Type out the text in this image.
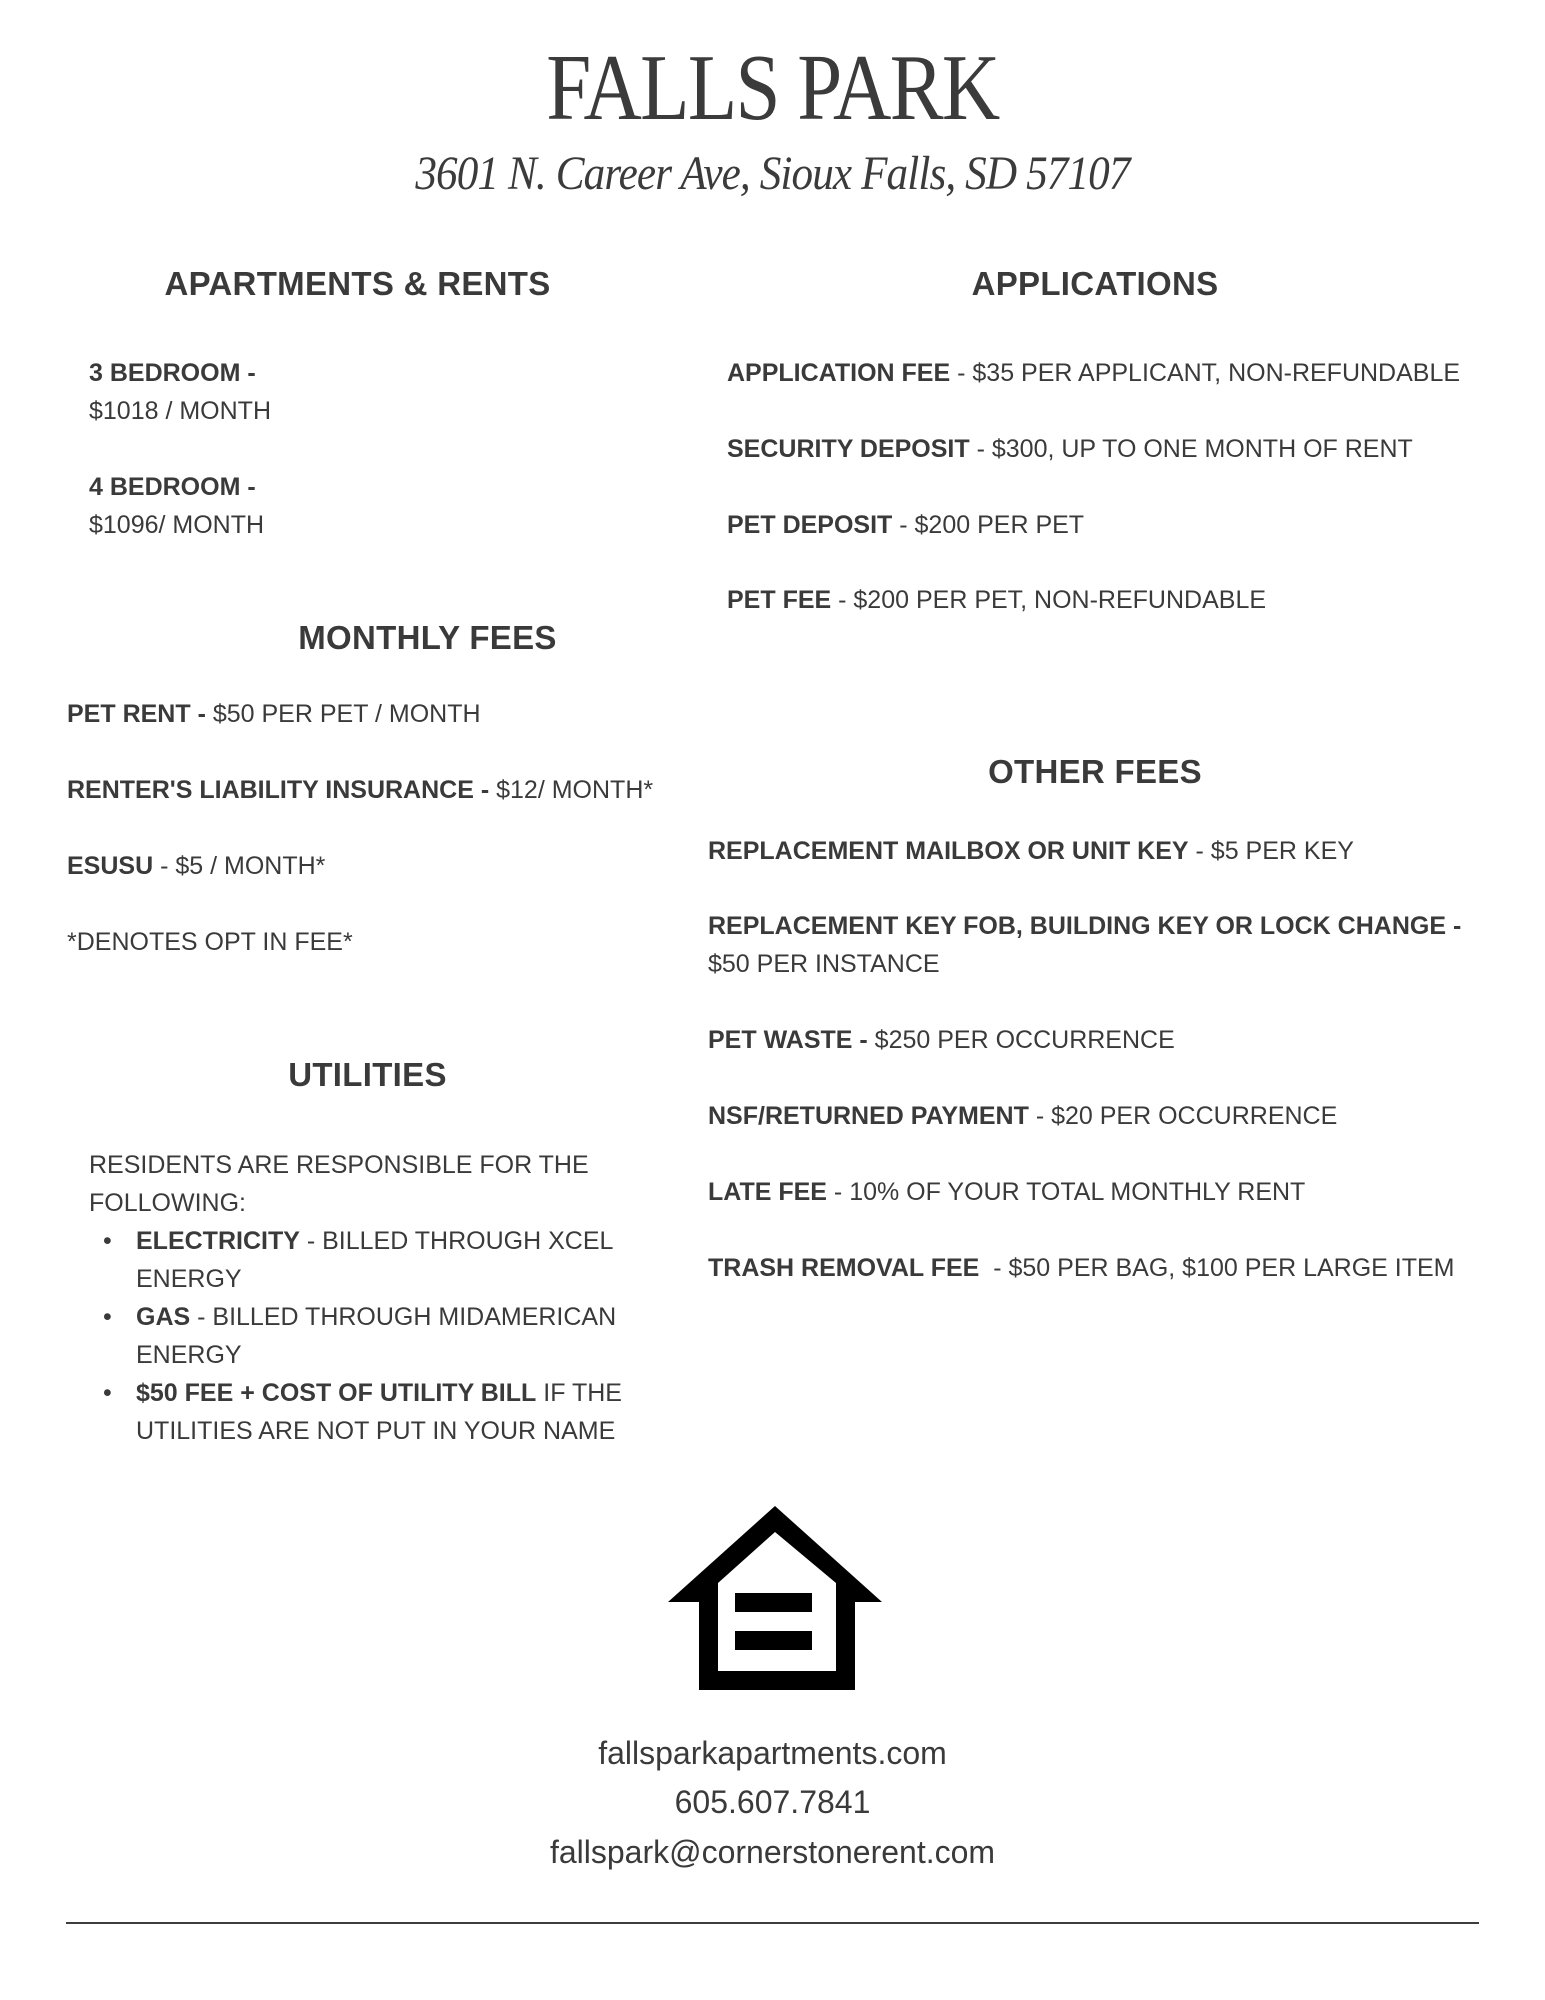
FALLS PARK
3601 N. Career Ave, Sioux Falls, SD 57107
APARTMENTS & RENTS
3 BEDROOM -
$1018 / MONTH
4 BEDROOM -
$1096/ MONTH
APPLICATIONS
APPLICATION FEE - $35 PER APPLICANT, NON-REFUNDABLE
SECURITY DEPOSIT - $300, UP TO ONE MONTH OF RENT
PET DEPOSIT - $200 PER PET
PET FEE - $200 PER PET, NON-REFUNDABLE
MONTHLY FEES
PET RENT - $50 PER PET / MONTH
RENTER'S LIABILITY INSURANCE - $12/ MONTH*
ESUSU - $5 / MONTH*
*DENOTES OPT IN FEE*
OTHER FEES
REPLACEMENT MAILBOX OR UNIT KEY - $5 PER KEY
REPLACEMENT KEY FOB, BUILDING KEY OR LOCK CHANGE -
$50 PER INSTANCE
PET WASTE - $250 PER OCCURRENCE
NSF/RETURNED PAYMENT - $20 PER OCCURRENCE
LATE FEE - 10% OF YOUR TOTAL MONTHLY RENT
TRASH REMOVAL FEE  - $50 PER BAG, $100 PER LARGE ITEM
UTILITIES
RESIDENTS ARE RESPONSIBLE FOR THE
FOLLOWING:
• ELECTRICITY - BILLED THROUGH XCEL
ENERGY
• GAS - BILLED THROUGH MIDAMERICAN
ENERGY
• $50 FEE + COST OF UTILITY BILL IF THE
UTILITIES ARE NOT PUT IN YOUR NAME
fallsparkapartments.com
605.607.7841
fallspark@cornerstonerent.com
